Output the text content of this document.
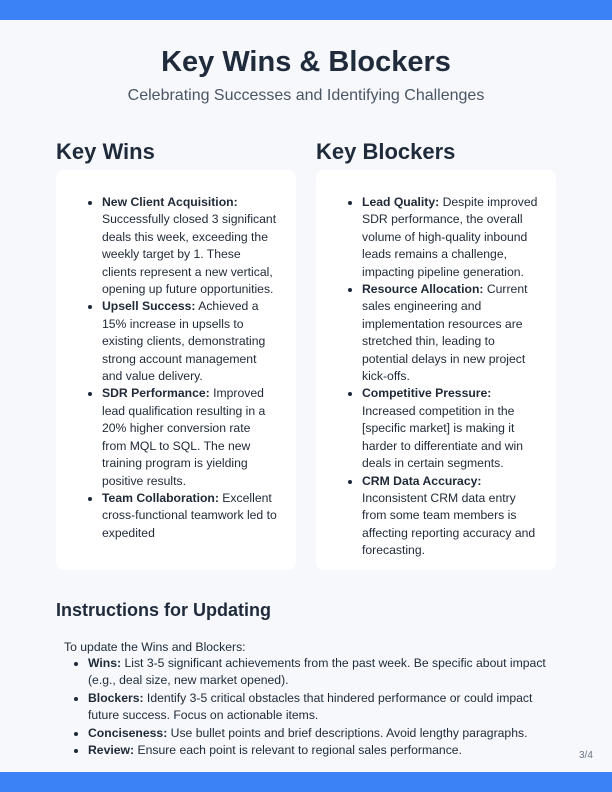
Key Wins & Blockers
Celebrating Successes and Identifying Challenges
Key Wins	Key Blockers
• New Client Acquisition: Successfully closed 3 significant deals this week, exceeding the weekly target by 1. These clients represent a new vertical, opening up future opportunities.
• Upsell Success: Achieved a 15% increase in upsells to existing clients, demonstrating strong account management and value delivery.
• SDR Performance: Improved lead qualification resulting in a 20% higher conversion rate from MQL to SQL. The new training program is yielding positive results.
• Team Collaboration: Excellent cross-functional teamwork led to expedited
• Lead Quality: Despite improved SDR performance, the overall volume of high-quality inbound leads remains a challenge, impacting pipeline generation.
• Resource Allocation: Current sales engineering and implementation resources are stretched thin, leading to potential delays in new project kick-offs.
• Competitive Pressure: Increased competition in the [specific market] is making it harder to differentiate and win deals in certain segments.
• CRM Data Accuracy: Inconsistent CRM data entry from some team members is affecting reporting accuracy and forecasting.
Instructions for Updating
To update the Wins and Blockers:
• Wins: List 3-5 significant achievements from the past week. Be specific about impact (e.g., deal size, new market opened).
• Blockers: Identify 3-5 critical obstacles that hindered performance or could impact future success. Focus on actionable items.
• Conciseness: Use bullet points and brief descriptions. Avoid lengthy paragraphs.
• Review: Ensure each point is relevant to regional sales performance.	3/4
